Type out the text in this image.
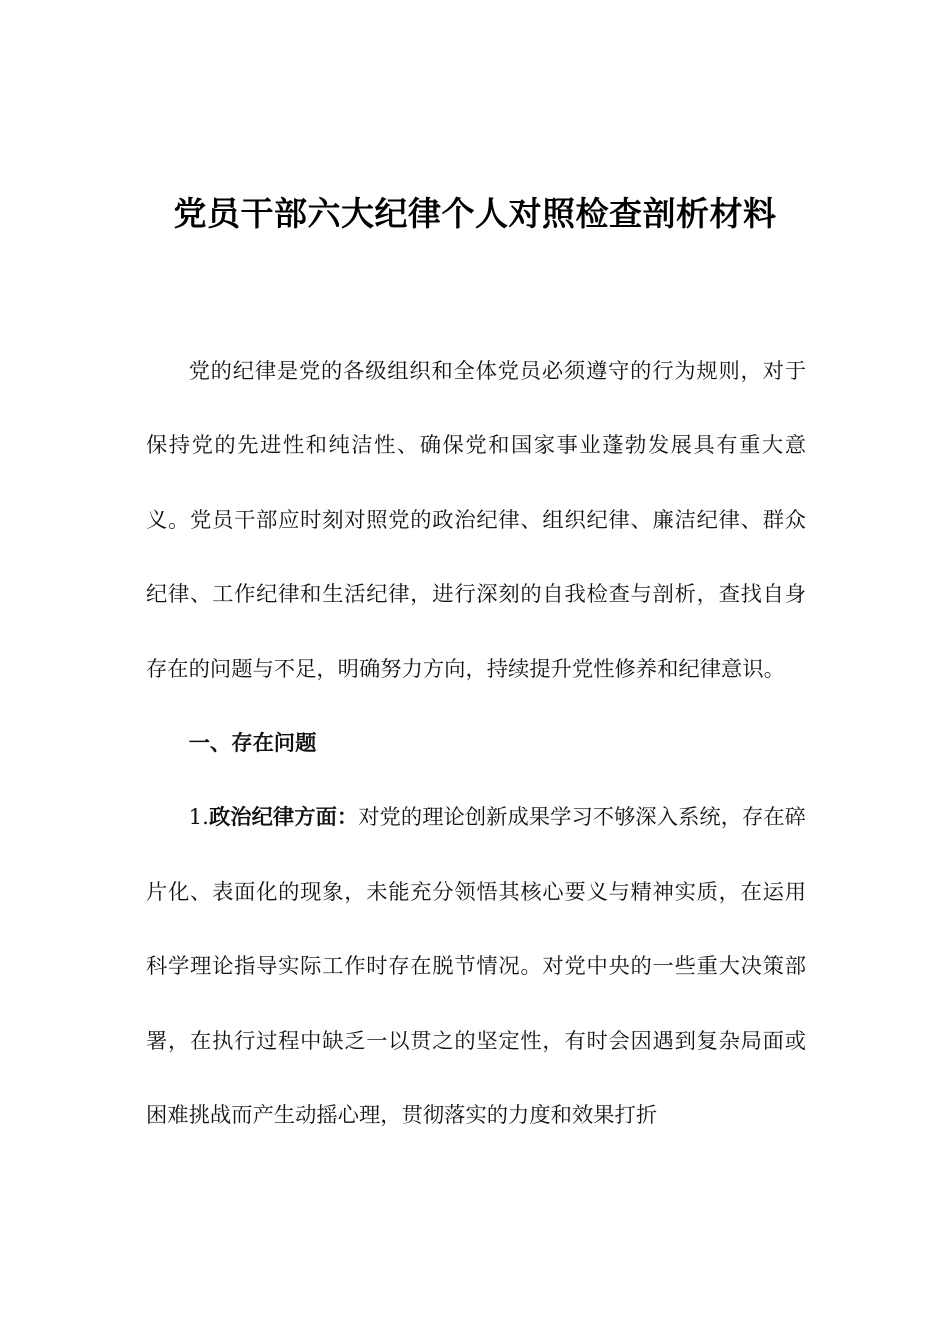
党员干部六大纪律个人对照检查剖析材料

党的纪律是党的各级组织和全体党员必须遵守的行为规则，对于保持党的先进性和纯洁性、确保党和国家事业蓬勃发展具有重大意义。党员干部应时刻对照党的政治纪律、组织纪律、廉洁纪律、群众纪律、工作纪律和生活纪律，进行深刻的自我检查与剖析，查找自身存在的问题与不足，明确努力方向，持续提升党性修养和纪律意识。

一、存在问题

1.政治纪律方面：对党的理论创新成果学习不够深入系统，存在碎片化、表面化的现象，未能充分领悟其核心要义与精神实质，在运用科学理论指导实际工作时存在脱节情况。对党中央的一些重大决策部署，在执行过程中缺乏一以贯之的坚定性，有时会因遇到复杂局面或困难挑战而产生动摇心理，贯彻落实的力度和效果打折
